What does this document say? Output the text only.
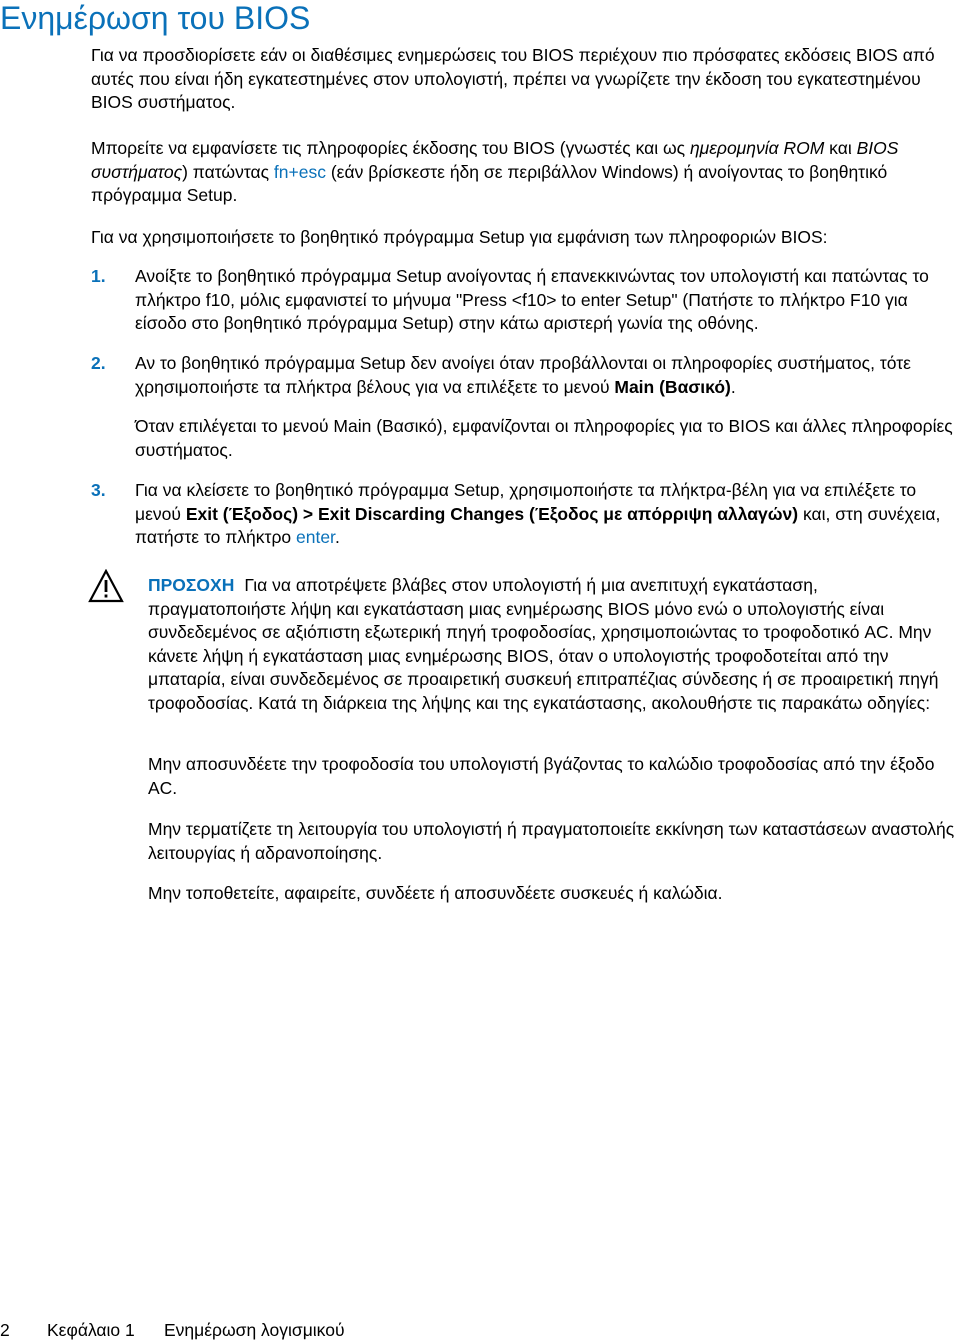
Ενημέρωση του BIOS

Για να προσδιορίσετε εάν οι διαθέσιμες ενημερώσεις του BIOS περιέχουν πιο πρόσφατες εκδόσεις BIOS από αυτές που είναι ήδη εγκατεστημένες στον υπολογιστή, πρέπει να γνωρίζετε την έκδοση του εγκατεστημένου BIOS συστήματος.

Μπορείτε να εμφανίσετε τις πληροφορίες έκδοσης του BIOS (γνωστές και ως ημερομηνία ROM και BIOS συστήματος) πατώντας fn+esc (εάν βρίσκεστε ήδη σε περιβάλλον Windows) ή ανοίγοντας το βοηθητικό πρόγραμμα Setup.

Για να χρησιμοποιήσετε το βοηθητικό πρόγραμμα Setup για εμφάνιση των πληροφοριών BIOS:

1.	Ανοίξτε το βοηθητικό πρόγραμμα Setup ανοίγοντας ή επανεκκινώντας τον υπολογιστή και πατώντας το πλήκτρο f10, μόλις εμφανιστεί το μήνυμα "Press <f10> to enter Setup" (Πατήστε το πλήκτρο F10 για είσοδο στο βοηθητικό πρόγραμμα Setup) στην κάτω αριστερή γωνία της οθόνης.

2.	Αν το βοηθητικό πρόγραμμα Setup δεν ανοίγει όταν προβάλλονται οι πληροφορίες συστήματος, τότε χρησιμοποιήστε τα πλήκτρα βέλους για να επιλέξετε το μενού Main (Βασικό).

Όταν επιλέγεται το μενού Main (Βασικό), εμφανίζονται οι πληροφορίες για το BIOS και άλλες πληροφορίες συστήματος.

3.	Για να κλείσετε το βοηθητικό πρόγραμμα Setup, χρησιμοποιήστε τα πλήκτρα-βέλη για να επιλέξετε το μενού Exit (Έξοδος) > Exit Discarding Changes (Έξοδος με απόρριψη αλλαγών) και, στη συνέχεια, πατήστε το πλήκτρο enter.

ΠΡΟΣΟΧΗ Για να αποτρέψετε βλάβες στον υπολογιστή ή μια ανεπιτυχή εγκατάσταση, πραγματοποιήστε λήψη και εγκατάσταση μιας ενημέρωσης BIOS μόνο ενώ ο υπολογιστής είναι συνδεδεμένος σε αξιόπιστη εξωτερική πηγή τροφοδοσίας, χρησιμοποιώντας το τροφοδοτικό AC. Μην κάνετε λήψη ή εγκατάσταση μιας ενημέρωσης BIOS, όταν ο υπολογιστής τροφοδοτείται από την μπαταρία, είναι συνδεδεμένος σε προαιρετική συσκευή επιτραπέζιας σύνδεσης ή σε προαιρετική πηγή τροφοδοσίας. Κατά τη διάρκεια της λήψης και της εγκατάστασης, ακολουθήστε τις παρακάτω οδηγίες:

Μην αποσυνδέετε την τροφοδοσία του υπολογιστή βγάζοντας το καλώδιο τροφοδοσίας από την έξοδο AC.

Μην τερματίζετε τη λειτουργία του υπολογιστή ή πραγματοποιείτε εκκίνηση των καταστάσεων αναστολής λειτουργίας ή αδρανοποίησης.

Μην τοποθετείτε, αφαιρείτε, συνδέετε ή αποσυνδέετε συσκευές ή καλώδια.

2 Κεφάλαιο 1 Ενημέρωση λογισμικού
